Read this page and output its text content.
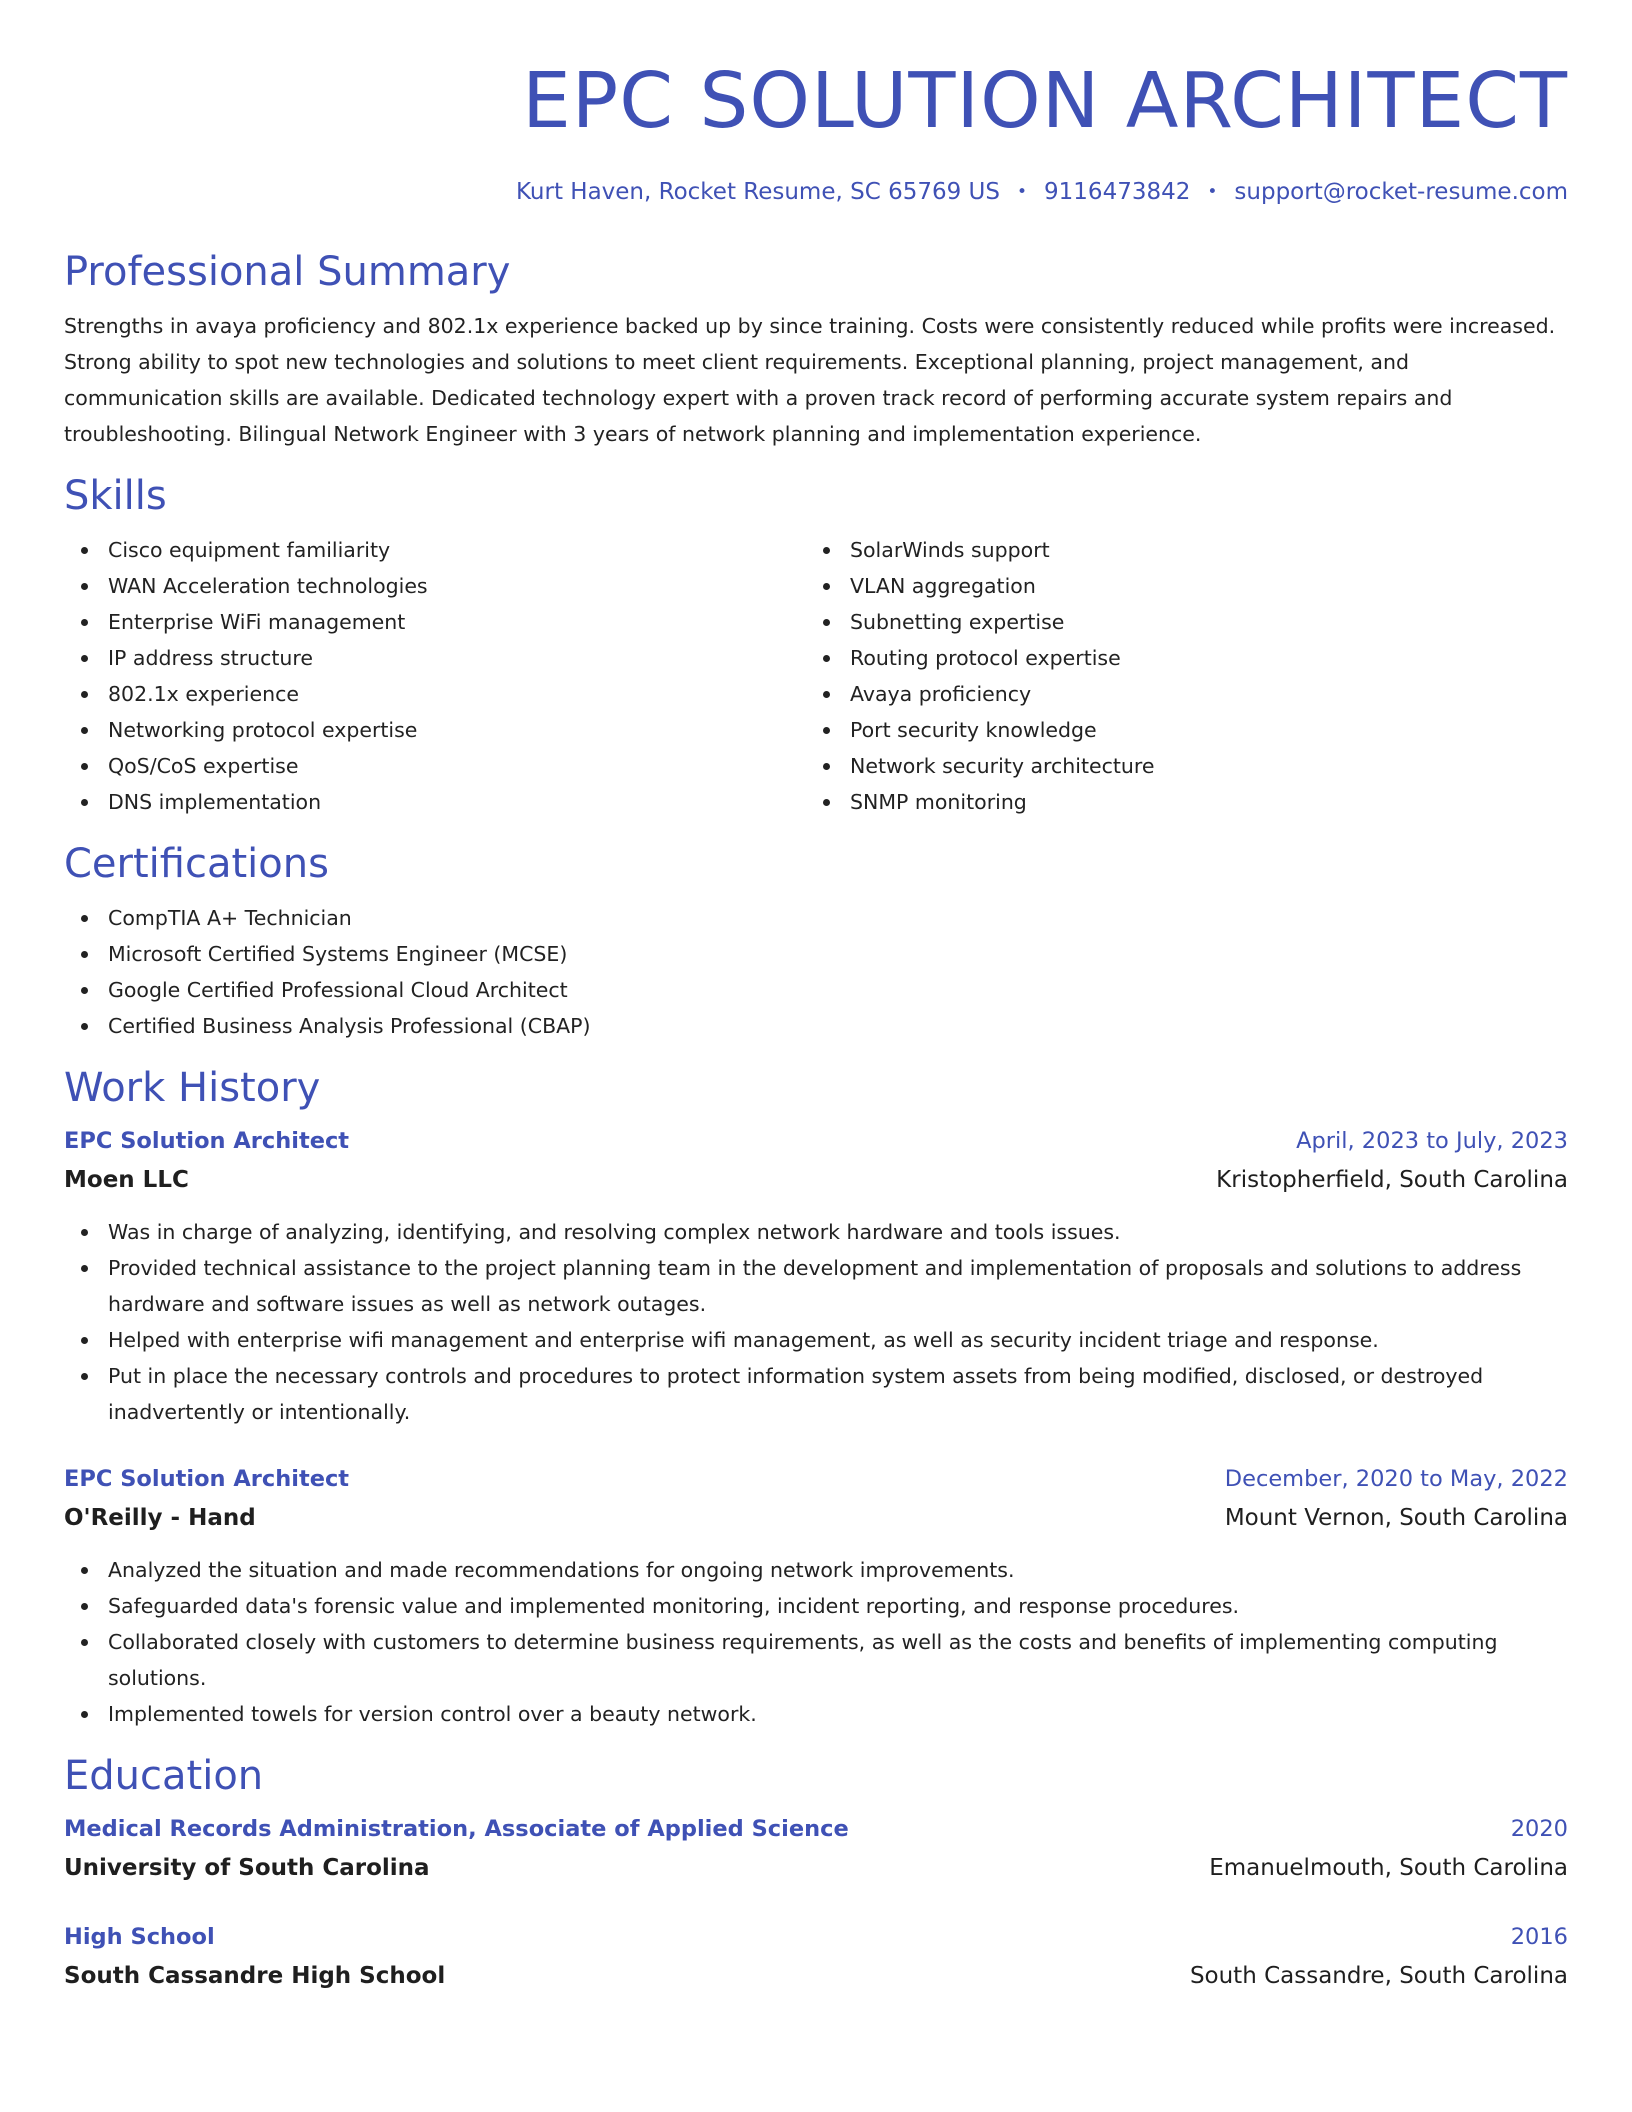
EPC SOLUTION ARCHITECT
Kurt Haven, Rocket Resume, SC 65769 US • 9116473842 • support@rocket-resume.com
Professional Summary

Strengths in avaya proficiency and 802.1x experience backed up by since training. Costs were consistently reduced while profits were increased. Strong ability to spot new technologies and solutions to meet client requirements. Exceptional planning, project management, and communication skills are available. Dedicated technology expert with a proven track record of performing accurate system repairs and troubleshooting. Bilingual Network Engineer with 3 years of network planning and implementation experience.

Skills
Cisco equipment familiarity
WAN Acceleration technologies
Enterprise WiFi management
IP address structure
802.1x experience
Networking protocol expertise
QoS/CoS expertise
DNS implementation
SolarWinds support
VLAN aggregation
Subnetting expertise
Routing protocol expertise
Avaya proficiency
Port security knowledge
Network security architecture
SNMP monitoring
Certifications
CompTIA A+ Technician
Microsoft Certified Systems Engineer (MCSE)
Google Certified Professional Cloud Architect
Certified Business Analysis Professional (CBAP)
Work History
EPC Solution Architect	April, 2023 to July, 2023
Moen LLC	Kristopherfield, South Carolina
Was in charge of analyzing, identifying, and resolving complex network hardware and tools issues.
Provided technical assistance to the project planning team in the development and implementation of proposals and solutions to address hardware and software issues as well as network outages.
Helped with enterprise wifi management and enterprise wifi management, as well as security incident triage and response.
Put in place the necessary controls and procedures to protect information system assets from being modified, disclosed, or destroyed inadvertently or intentionally.
EPC Solution Architect	December, 2020 to May, 2022
O'Reilly - Hand	Mount Vernon, South Carolina
Analyzed the situation and made recommendations for ongoing network improvements.
Safeguarded data's forensic value and implemented monitoring, incident reporting, and response procedures.
Collaborated closely with customers to determine business requirements, as well as the costs and benefits of implementing computing solutions.
Implemented towels for version control over a beauty network.
Education
Medical Records Administration, Associate of Applied Science	2020
University of South Carolina	Emanuelmouth, South Carolina
High School	2016
South Cassandre High School	South Cassandre, South Carolina
